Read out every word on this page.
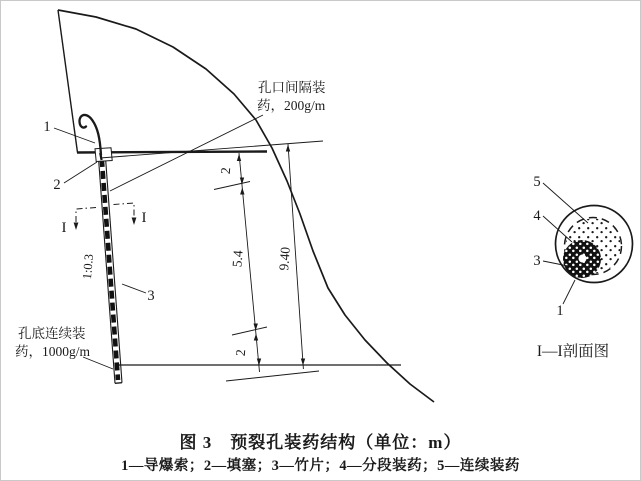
I
I
1
2
3
孔口间隔装
药，200g/m
孔底连续装
药，1000g/m
1:0.3
2
5.4 9.40
2
5
4
3
1
I—I剖面图
图 3　预裂孔装药结构（单位：m）
1—导爆索；2—填塞；3—竹片；4—分段装药；5—连续装药
